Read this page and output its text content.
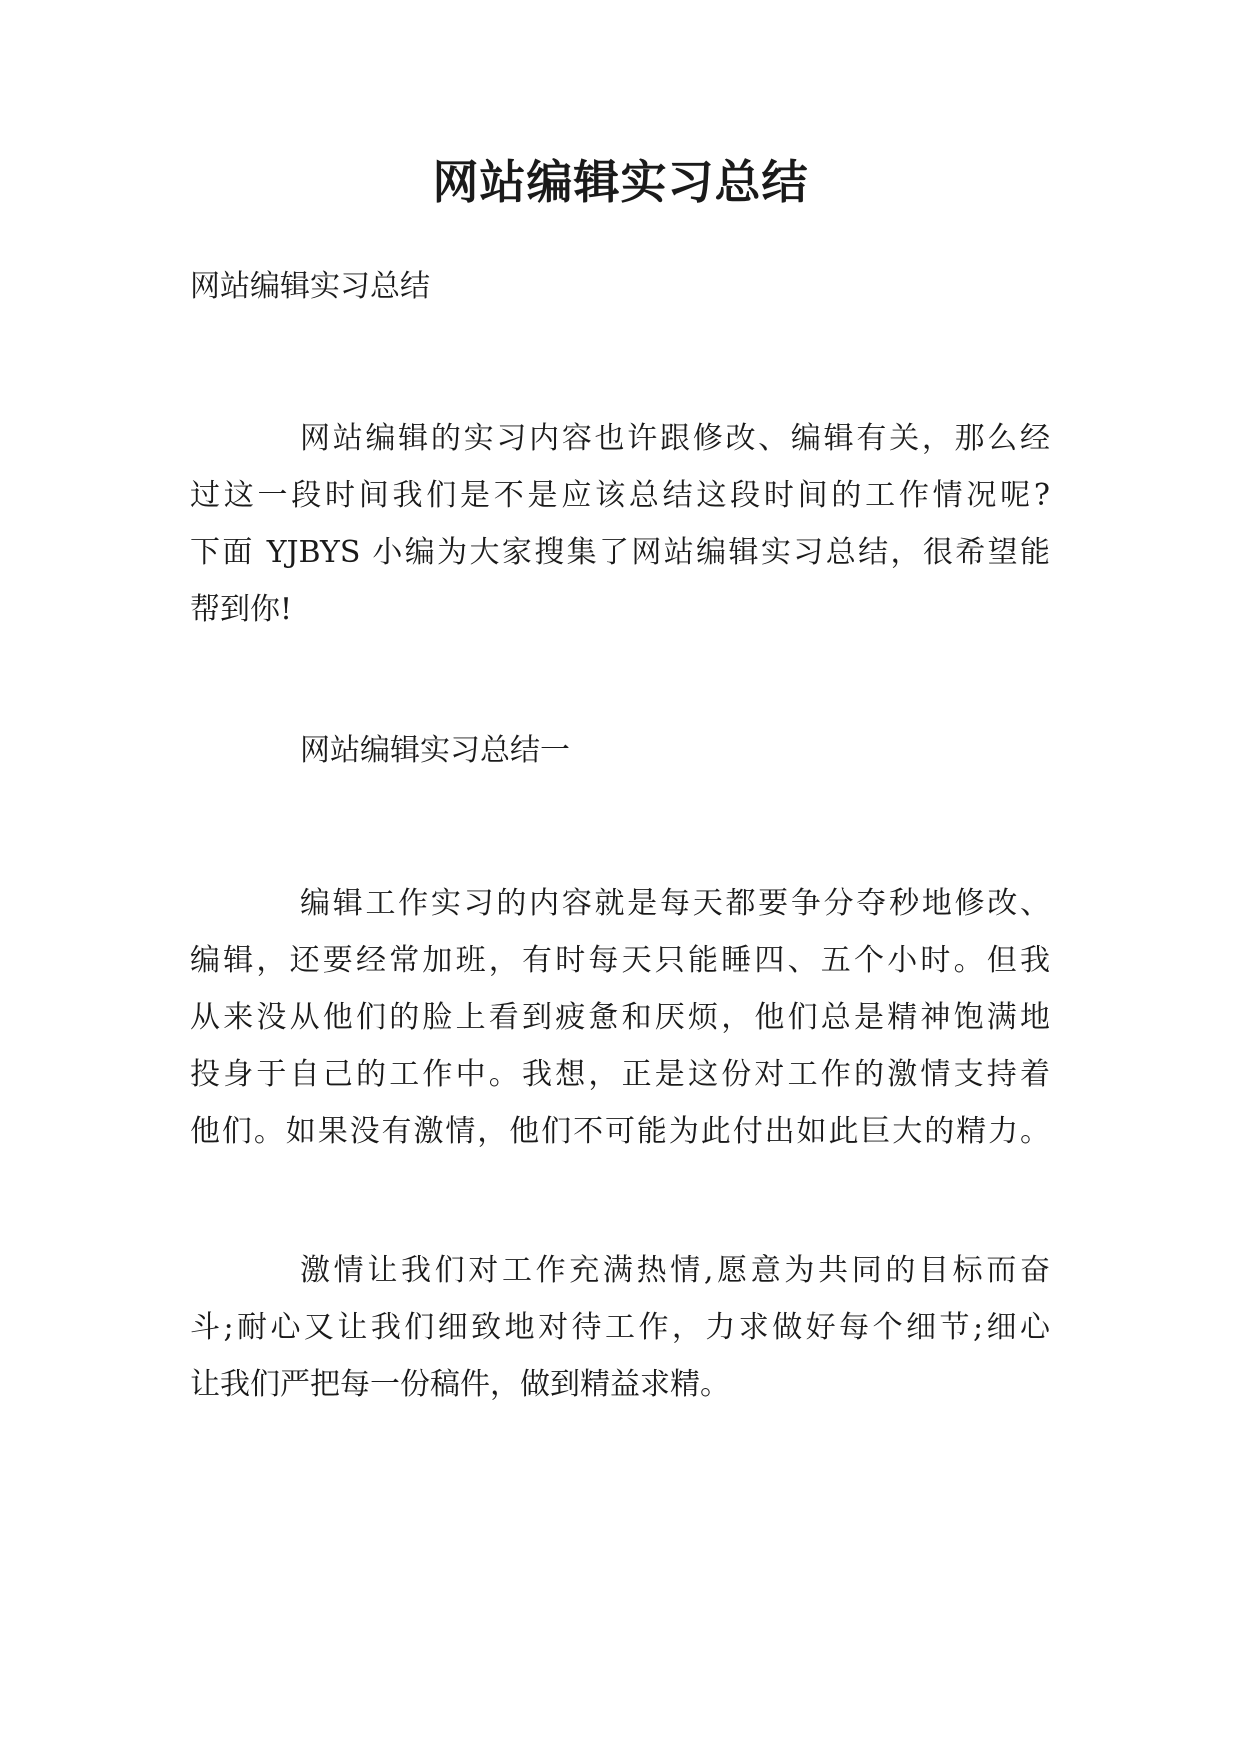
网站编辑实习总结
网站编辑实习总结
网站编辑的实习内容也许跟修改、编辑有关，那么经
过这一段时间我们是不是应该总结这段时间的工作情况呢?
下面 YJBYS 小编为大家搜集了网站编辑实习总结，很希望能
帮到你!
网站编辑实习总结一
编辑工作实习的内容就是每天都要争分夺秒地修改、
编辑，还要经常加班，有时每天只能睡四、五个小时。但我
从来没从他们的脸上看到疲惫和厌烦，他们总是精神饱满地
投身于自己的工作中。我想，正是这份对工作的激情支持着
他们。如果没有激情，他们不可能为此付出如此巨大的精力。
激情让我们对工作充满热情,愿意为共同的目标而奋
斗;耐心又让我们细致地对待工作，力求做好每个细节;细心
让我们严把每一份稿件，做到精益求精。
